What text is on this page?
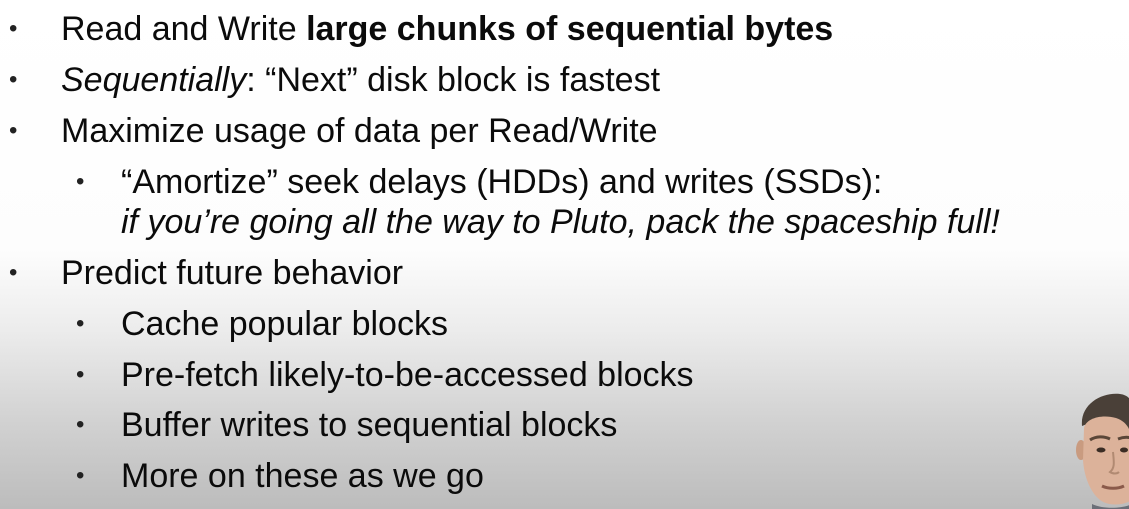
• Read and Write large chunks of sequential bytes
• Sequentially: “Next” disk block is fastest
• Maximize usage of data per Read/Write
• “Amortize” seek delays (HDDs) and writes (SSDs):
if you’re going all the way to Pluto, pack the spaceship full!
• Predict future behavior
• Cache popular blocks
• Pre-fetch likely-to-be-accessed blocks
• Buffer writes to sequential blocks
• More on these as we go
